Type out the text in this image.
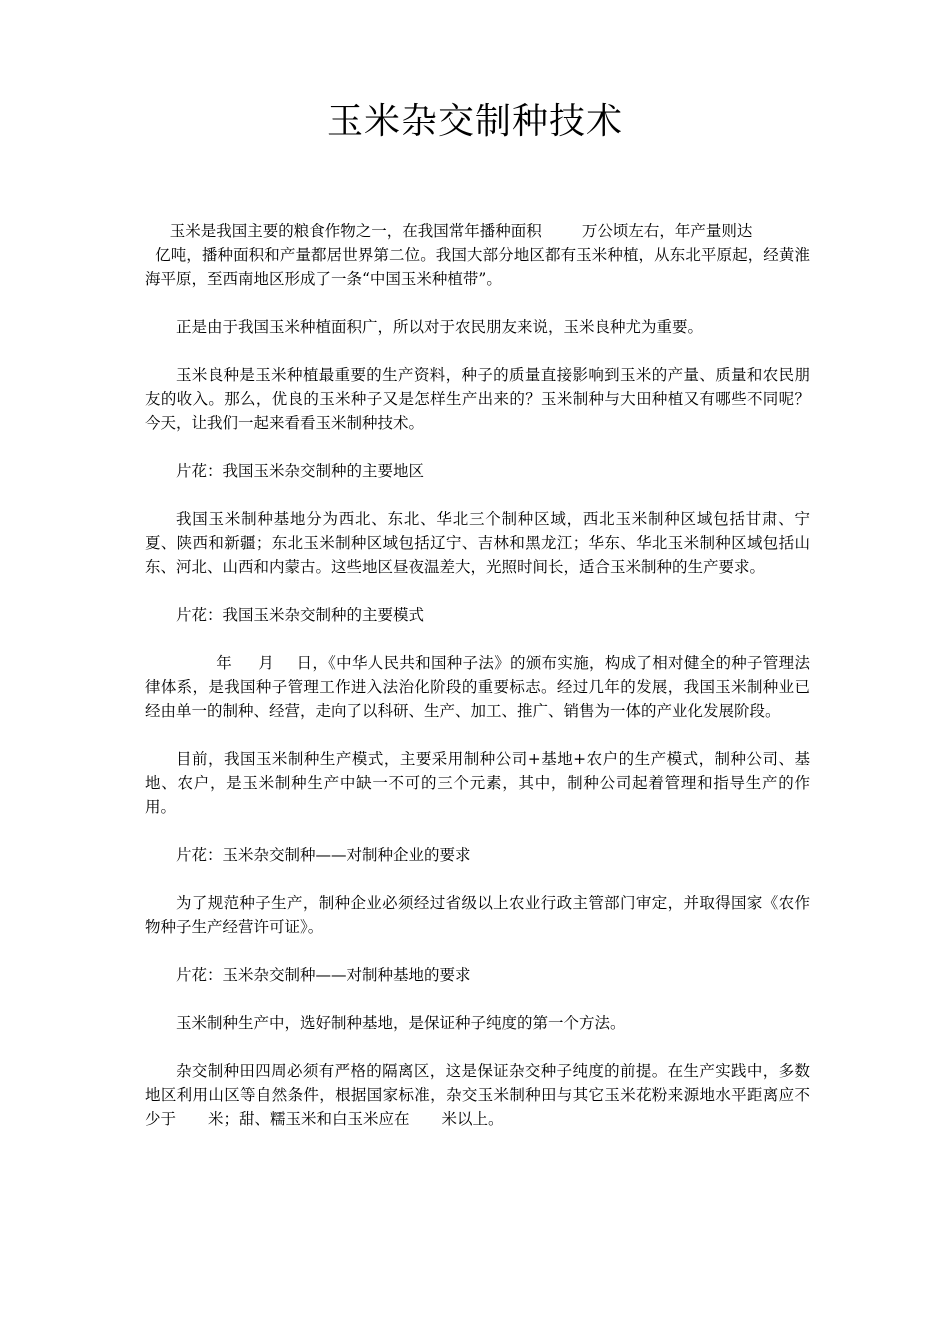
玉米杂交制种技术

玉米是我国主要的粮食作物之一，在我国常年播种面积	万公顷左右，年产量则达
亿吨，播种面积和产量都居世界第二位。我国大部分地区都有玉米种植，从东北平原起，经黄淮海平原，至西南地区形成了一条“中国玉米种植带”。

正是由于我国玉米种植面积广，所以对于农民朋友来说，玉米良种尤为重要。

玉米良种是玉米种植最重要的生产资料，种子的质量直接影响到玉米的产量、质量和农民朋友的收入。那么，优良的玉米种子又是怎样生产出来的？玉米制种与大田种植又有哪些不同呢？今天，让我们一起来看看玉米制种技术。

片花：我国玉米杂交制种的主要地区

我国玉米制种基地分为西北、东北、华北三个制种区域，西北玉米制种区域包括甘肃、宁夏、陕西和新疆；东北玉米制种区域包括辽宁、吉林和黑龙江；华东、华北玉米制种区域包括山东、河北、山西和内蒙古。这些地区昼夜温差大，光照时间长，适合玉米制种的生产要求。

片花：我国玉米杂交制种的主要模式

年 月 日，《中华人民共和国种子法》的颁布实施，构成了相对健全的种子管理法律体系，是我国种子管理工作进入法治化阶段的重要标志。经过几年的发展，我国玉米制种业已经由单一的制种、经营，走向了以科研、生产、加工、推广、销售为一体的产业化发展阶段。

目前，我国玉米制种生产模式，主要采用制种公司+基地+农户的生产模式，制种公司、基地、农户，是玉米制种生产中缺一不可的三个元素，其中，制种公司起着管理和指导生产的作用。

片花：玉米杂交制种——对制种企业的要求

为了规范种子生产，制种企业必须经过省级以上农业行政主管部门审定，并取得国家《农作物种子生产经营许可证》。

片花：玉米杂交制种——对制种基地的要求

玉米制种生产中，选好制种基地，是保证种子纯度的第一个方法。

杂交制种田四周必须有严格的隔离区，这是保证杂交种子纯度的前提。在生产实践中，多数地区利用山区等自然条件，根据国家标准，杂交玉米制种田与其它玉米花粉来源地水平距离应不少于 米；甜、糯玉米和白玉米应在 米以上。
